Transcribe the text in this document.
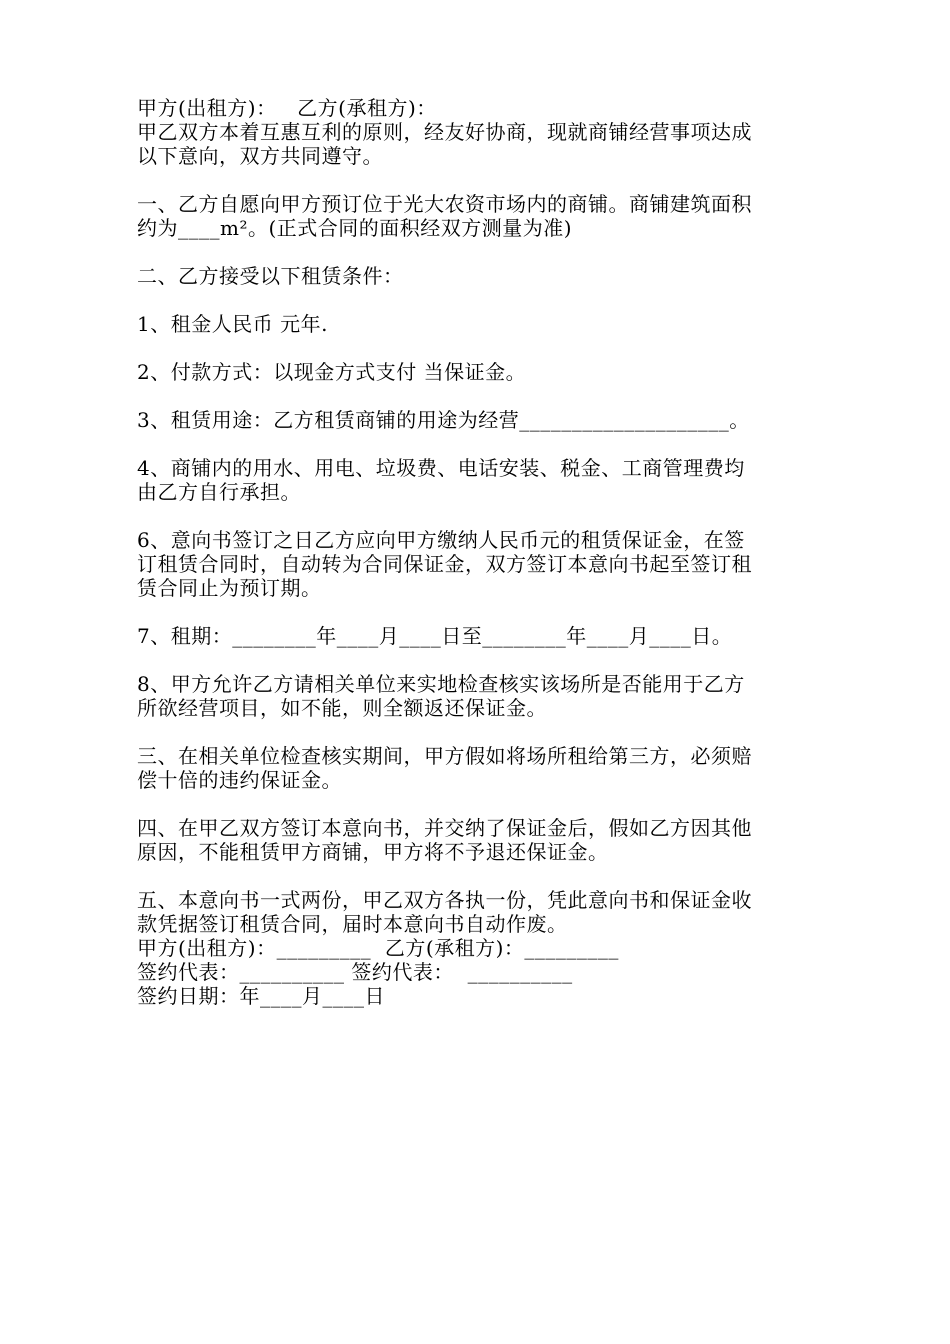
甲方(出租方)：   乙方(承租方)：
甲乙双方本着互惠互利的原则，经友好协商，现就商铺经营事项达成
以下意向，双方共同遵守。
一、乙方自愿向甲方预订位于光大农资市场内的商铺。商铺建筑面积
约为____m²。(正式合同的面积经双方测量为准)
二、乙方接受以下租赁条件：
1、租金人民币 元年.
2、付款方式：以现金方式支付 当保证金。
3、租赁用途：乙方租赁商铺的用途为经营____________________。
4、商铺内的用水、用电、垃圾费、电话安装、税金、工商管理费均
由乙方自行承担。
6、意向书签订之日乙方应向甲方缴纳人民币元的租赁保证金，在签
订租赁合同时，自动转为合同保证金，双方签订本意向书起至签订租
赁合同止为预订期。
7、租期：________年____月____日至________年____月____日。
8、甲方允许乙方请相关单位来实地检查核实该场所是否能用于乙方
所欲经营项目，如不能，则全额返还保证金。
三、在相关单位检查核实期间，甲方假如将场所租给第三方，必须赔
偿十倍的违约保证金。
四、在甲乙双方签订本意向书，并交纳了保证金后，假如乙方因其他
原因，不能租赁甲方商铺，甲方将不予退还保证金。
五、本意向书一式两份，甲乙双方各执一份，凭此意向书和保证金收
款凭据签订租赁合同，届时本意向书自动作废。
甲方(出租方)：_________  乙方(承租方)：_________
签约代表：__________ 签约代表：  __________
签约日期：年____月____日
